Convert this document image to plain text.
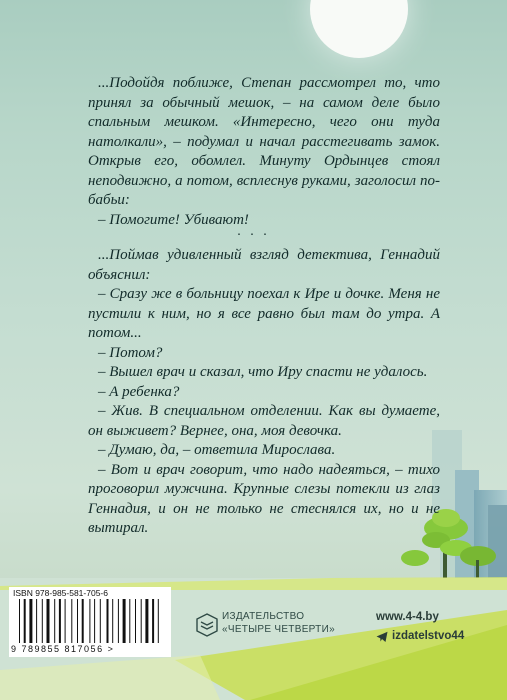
...Подойдя поближе, Степан рассмотрел то, что принял за обычный мешок, – на самом деле было спальным мешком. «Интересно, чего они туда натолкали», – подумал и начал расстегивать замок. Открыв его, обомлел. Минуту Ордынцев стоял неподвижно, а потом, всплеснув руками, заголосил по-бабьи:

– Помогите! Убивают!

. . .

...Поймав удивленный взгляд детектива, Геннадий объяснил:

– Сразу же в больницу поехал к Ире и дочке. Меня не пустили к ним, но я все равно был там до утра. А потом...

– Потом?

– Вышел врач и сказал, что Иру спасти не удалось.

– А ребенка?

– Жив. В специальном отделении. Как вы думаете, он выживет? Вернее, она, моя девочка.

– Думаю, да, – ответила Мирослава.

– Вот и врач говорит, что надо надеяться, – тихо проговорил мужчина. Крупные слезы потекли из глаз Геннадия, и он не только не стеснялся их, но и не вытирал.

ISBN 978-985-581-705-6
9 789855 817056 >
ИЗДАТЕЛЬСТВО
«ЧЕТЫРЕ ЧЕТВЕРТИ»
www.4-4.by
izdatelstvo44
